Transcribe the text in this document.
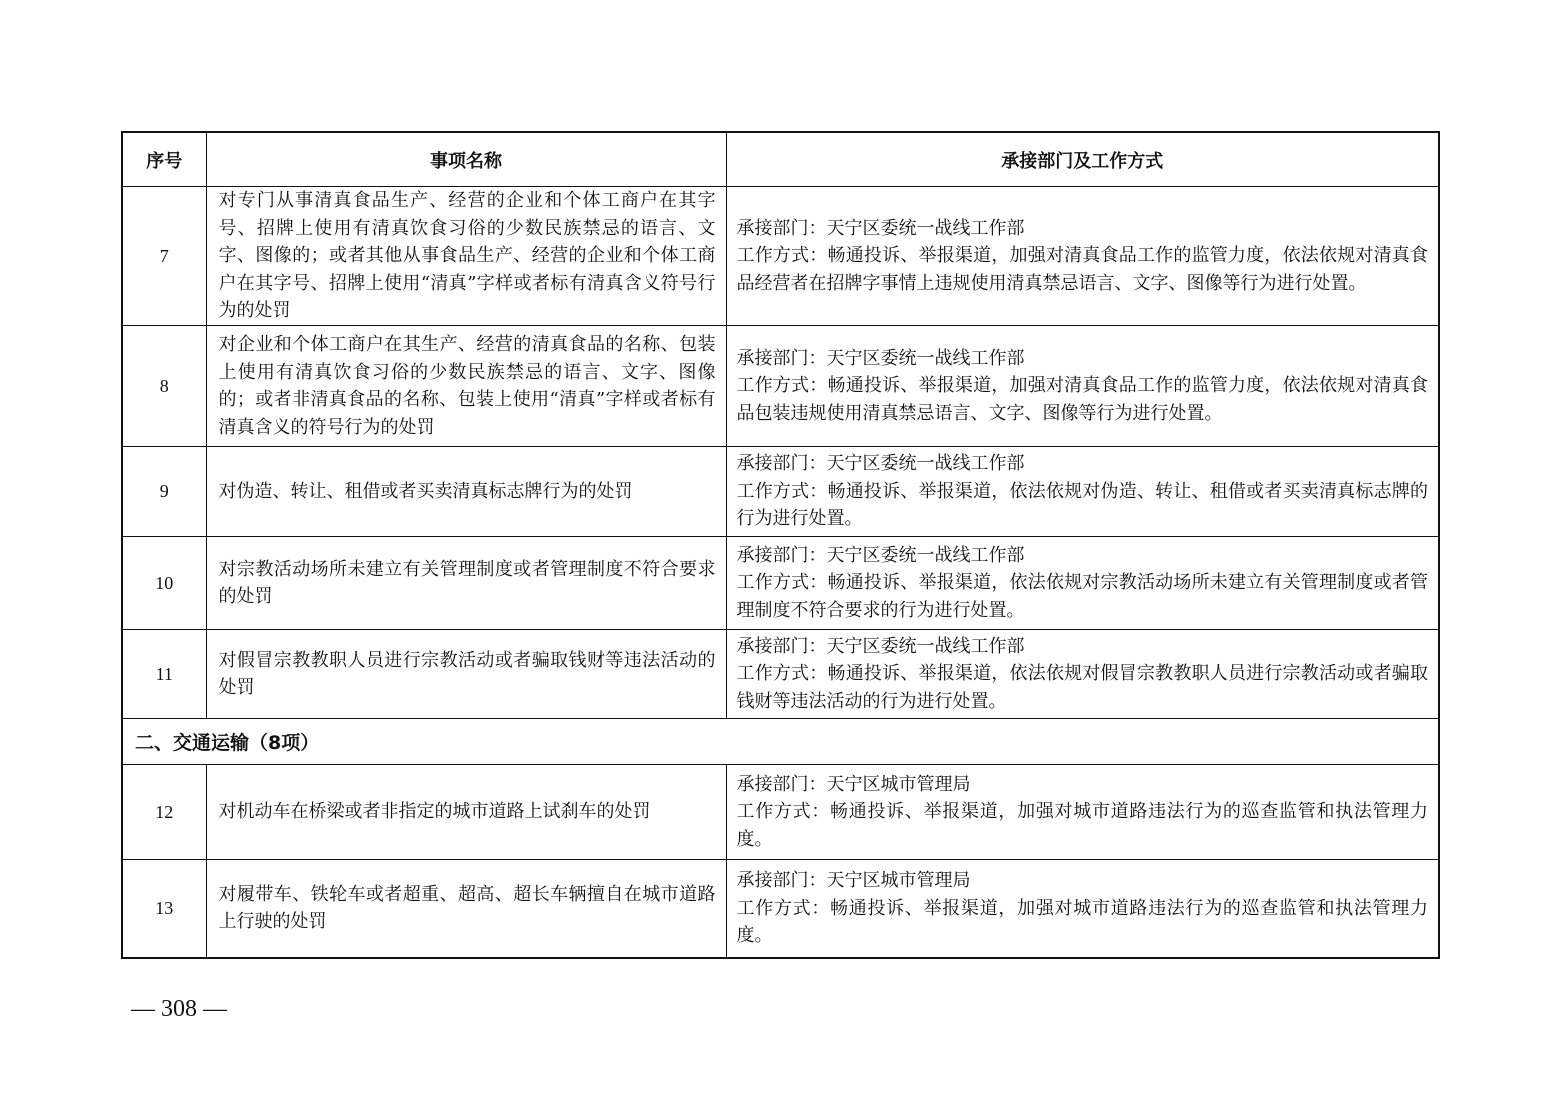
序号	事项名称	承接部门及工作方式
7	对专门从事清真食品生产、经营的企业和个体工商户在其字号、招牌上使用有清真饮食习俗的少数民族禁忌的语言、文字、图像的；或者其他从事食品生产、经营的企业和个体工商户在其字号、招牌上使用“清真”字样或者标有清真含义符号行为的处罚	承接部门：天宁区委统一战线工作部
工作方式：畅通投诉、举报渠道，加强对清真食品工作的监管力度，依法依规对清真食品经营者在招牌字事情上违规使用清真禁忌语言、文字、图像等行为进行处置。

8	对企业和个体工商户在其生产、经营的清真食品的名称、包装上使用有清真饮食习俗的少数民族禁忌的语言、文字、图像的；或者非清真食品的名称、包装上使用“清真”字样或者标有清真含义的符号行为的处罚	承接部门：天宁区委统一战线工作部
工作方式：畅通投诉、举报渠道，加强对清真食品工作的监管力度，依法依规对清真食品包装违规使用清真禁忌语言、文字、图像等行为进行处置。

9	对伪造、转让、租借或者买卖清真标志牌行为的处罚	承接部门：天宁区委统一战线工作部
工作方式：畅通投诉、举报渠道，依法依规对伪造、转让、租借或者买卖清真标志牌的行为进行处置。

10	对宗教活动场所未建立有关管理制度或者管理制度不符合要求的处罚	承接部门：天宁区委统一战线工作部
工作方式：畅通投诉、举报渠道，依法依规对宗教活动场所未建立有关管理制度或者管理制度不符合要求的行为进行处置。

11	对假冒宗教教职人员进行宗教活动或者骗取钱财等违法活动的处罚	承接部门：天宁区委统一战线工作部
工作方式：畅通投诉、举报渠道，依法依规对假冒宗教教职人员进行宗教活动或者骗取钱财等违法活动的行为进行处置。

二、交通运输（8项）		
12	对机动车在桥梁或者非指定的城市道路上试刹车的处罚	承接部门：天宁区城市管理局
工作方式：畅通投诉、举报渠道，加强对城市道路违法行为的巡查监管和执法管理力度。

13	对履带车、铁轮车或者超重、超高、超长车辆擅自在城市道路上行驶的处罚	承接部门：天宁区城市管理局
工作方式：畅通投诉、举报渠道，加强对城市道路违法行为的巡查监管和执法管理力度。
— 308 —
